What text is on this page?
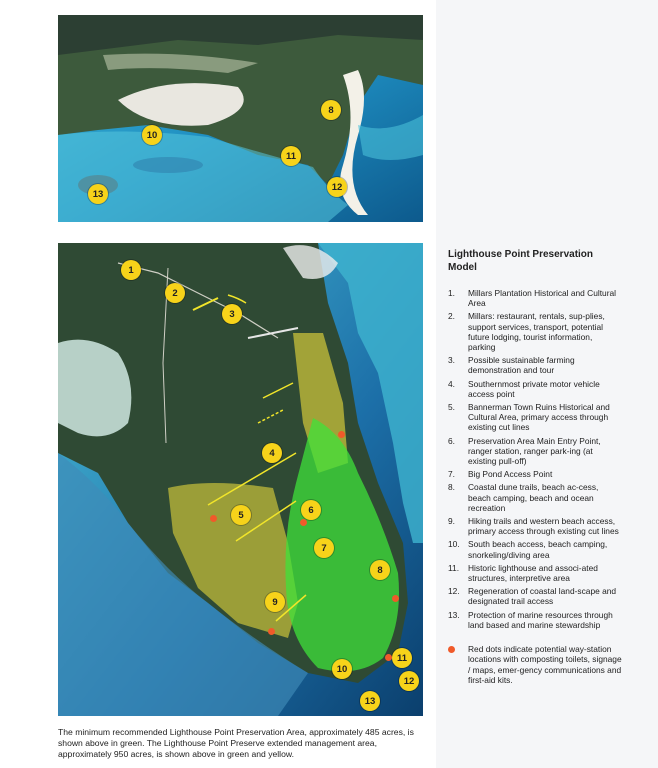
8
10
11
12
13
1
2
3
4
5	6
7
8
9
10
11
12
13
The minimum recommended Lighthouse Point Preservation Area, approximately 485 acres, is shown above in green. The Lighthouse Point Preserve extended management area, approximately 950 acres, is shown above in green and yellow.
Lighthouse Point Preservation Model
1.	Millars Plantation Historical and Cultural Area
2.	Millars: restaurant, rentals, sup-plies, support services, transport, potential future lodging, tourist information, parking
3.	Possible sustainable farming demonstration and tour
4.	Southernmost private motor vehicle access point
5.	Bannerman Town Ruins Historical and Cultural Area, primary access through existing cut lines
6.	Preservation Area Main Entry Point, ranger station, ranger park-ing (at existing pull-off)
7.	Big Pond Access Point
8.	Coastal dune trails, beach ac-cess, beach camping, beach and ocean recreation
9.	Hiking trails and western beach access, primary access through existing cut lines
10. South beach access, beach camping, snorkeling/diving area
11.	Historic lighthouse and associ-ated structures, interpretive area
12. Regeneration of coastal land-scape and designated trail access
13. Protection of marine resources through land based and marine stewardship
Red dots indicate potential way-station locations with composting toilets, signage / maps, emer-gency communications and first-aid kits.
